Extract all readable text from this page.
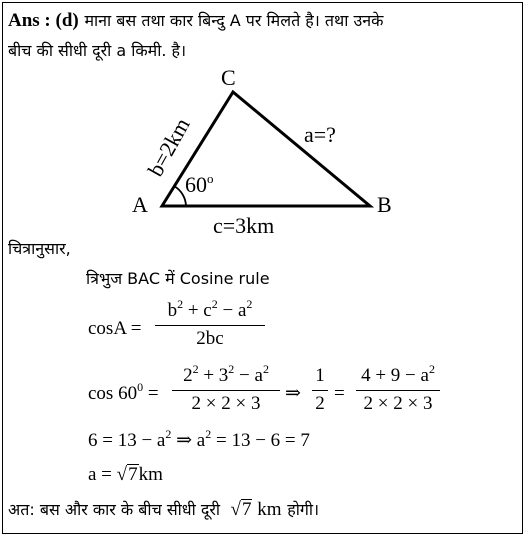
Ans : (d) माना बस तथा कार बिन्दु A पर मिलते है। तथा उनके
बीच की सीधी दूरी a किमी. है।
A	B
C
b=2km	a=?
c=3km
60$^o$
चित्रानुसार,
त्रिभुज BAC में Cosine rule
cosA =
$b^2 + c^2 - a^2$
2bc
$\cos 60^0$ =
$2^2 + 3^2 - a^2$
2 × 2 × 3	⇒
1
2 =
$4 + 9 - a^2$
2 × 2 × 3
$6 = 13 - a^2$ ⇒ $a^2 = 13 - 6 = 7$
a = √7km
अत: बस और कार के बीच सीधी दूरी  √7 km होगी।
